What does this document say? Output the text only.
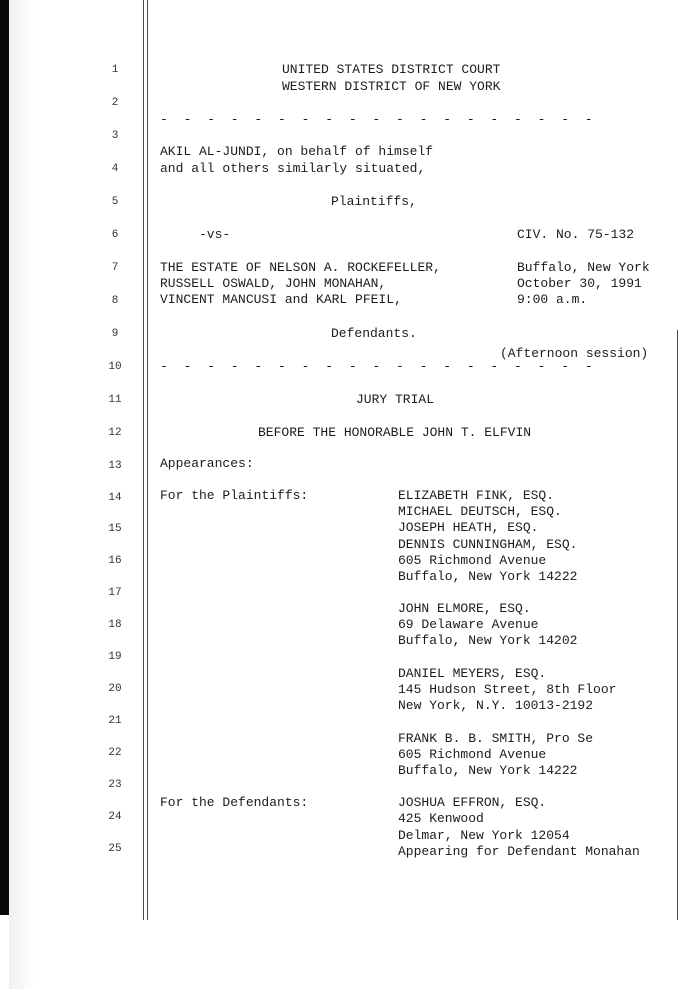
1
2
3
4
5
6
7
8
9
10
11
12
13
14
15
16
17
18
19
20
21
22
23
24
25
UNITED STATES DISTRICT COURT
WESTERN DISTRICT OF NEW YORK
- - - - - - - - - - - - - - - - - - -
AKIL AL-JUNDI, on behalf of himself
and all others similarly situated,
Plaintiffs,
-vs-	CIV. No. 75-132
THE ESTATE OF NELSON A. ROCKEFELLER,
RUSSELL OSWALD, JOHN MONAHAN,
VINCENT MANCUSI and KARL PFEIL,
Buffalo, New York
October 30, 1991
9:00 a.m.
Defendants.
(Afternoon session)
- - - - - - - - - - - - - - - - - - -
JURY TRIAL
BEFORE THE HONORABLE JOHN T. ELFVIN
Appearances:
For the Plaintiffs:	ELIZABETH FINK, ESQ.
MICHAEL DEUTSCH, ESQ.
JOSEPH HEATH, ESQ.
DENNIS CUNNINGHAM, ESQ.
605 Richmond Avenue
Buffalo, New York 14222
JOHN ELMORE, ESQ.
69 Delaware Avenue
Buffalo, New York 14202
DANIEL MEYERS, ESQ.
145 Hudson Street, 8th Floor
New York, N.Y. 10013-2192
FRANK B. B. SMITH, Pro Se
605 Richmond Avenue
Buffalo, New York 14222
For the Defendants:	JOSHUA EFFRON, ESQ.
425 Kenwood
Delmar, New York 12054
Appearing for Defendant Monahan
